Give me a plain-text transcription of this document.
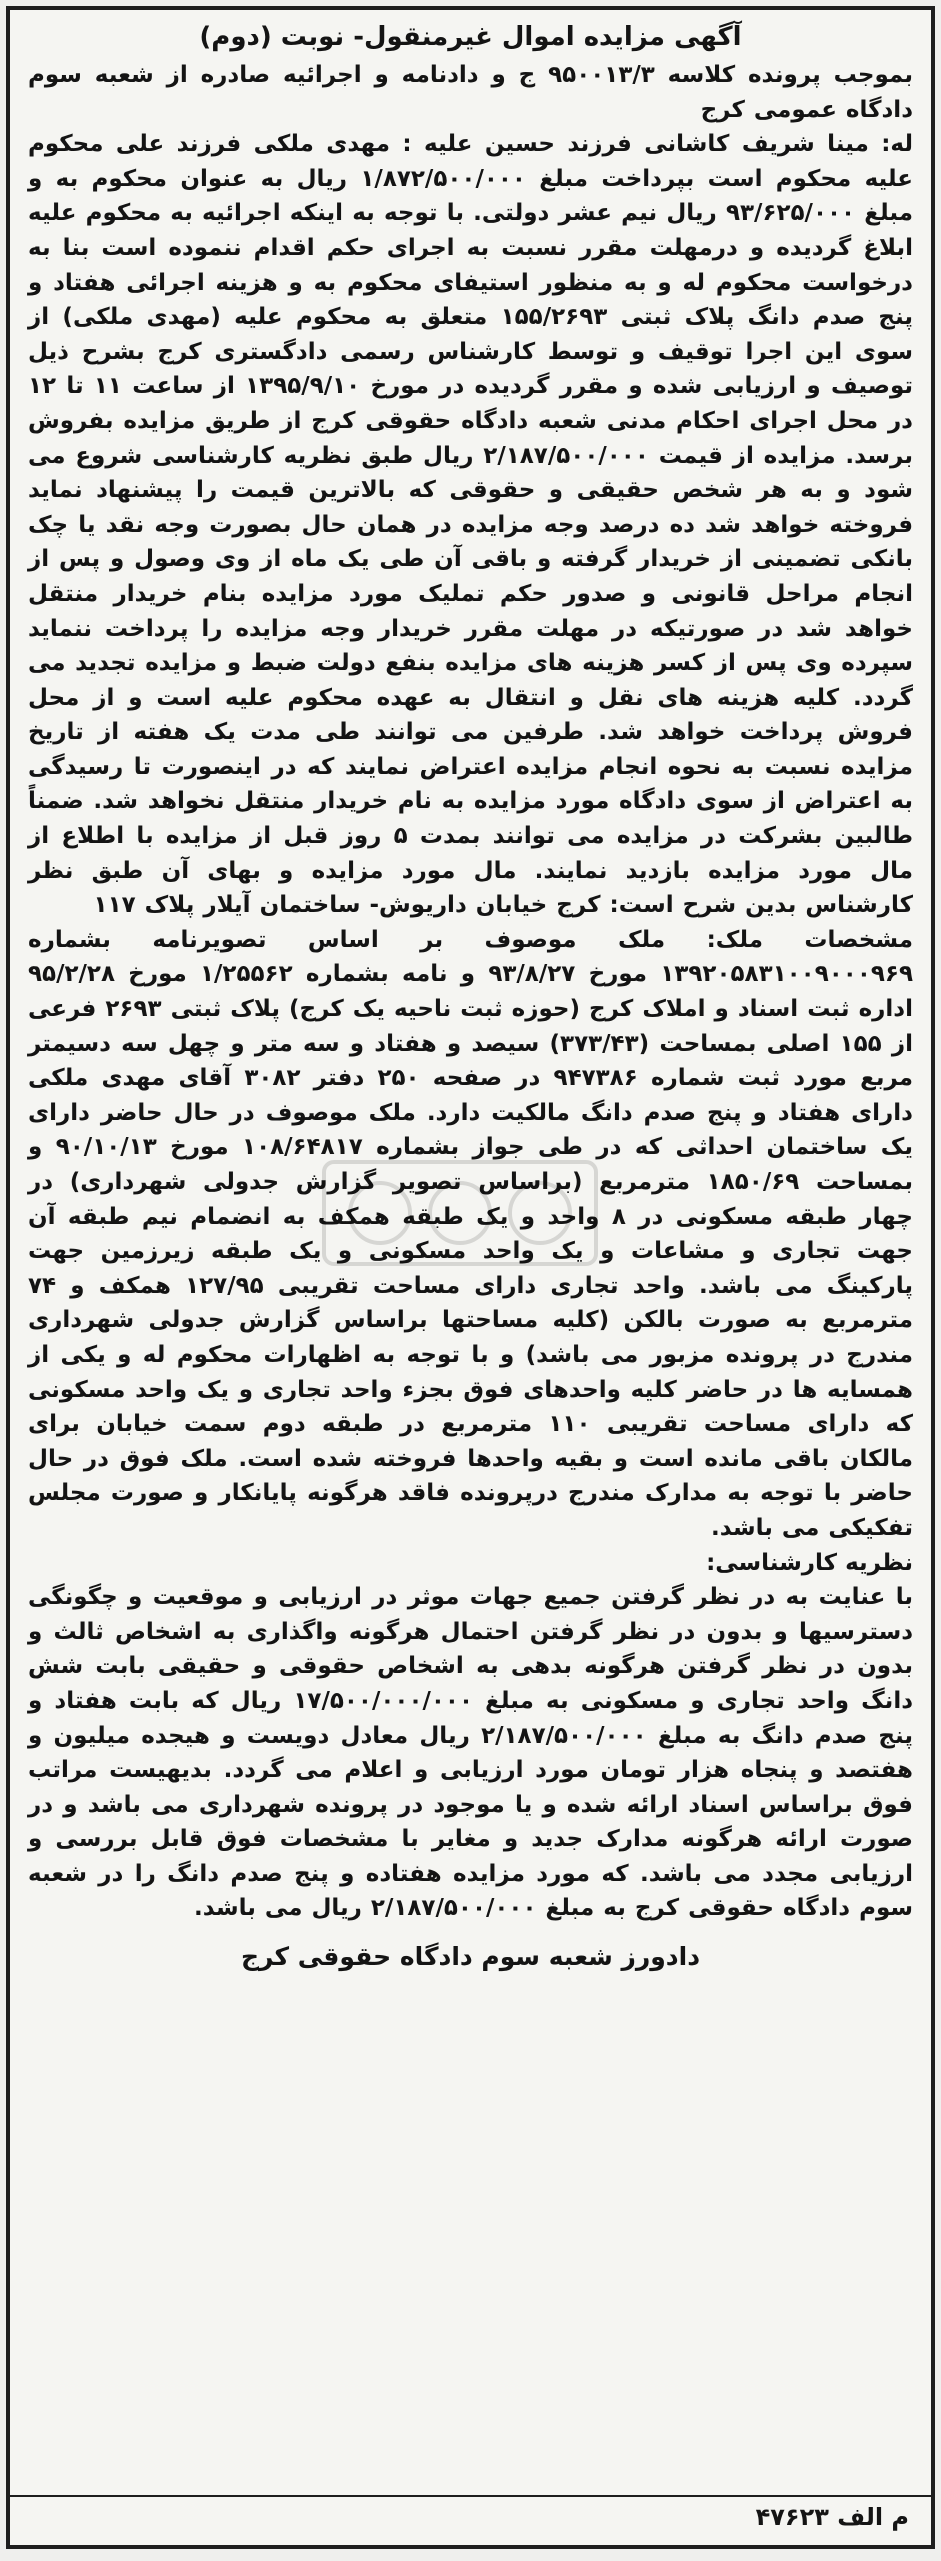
آگهی مزایده اموال غیرمنقول- نوبت (دوم)

بموجب پرونده کلاسه ۹۵۰۰۱۳/۳ ج و دادنامه و اجرائیه صادره از شعبه سوم دادگاه عمومی کرج

له: مینا شریف کاشانی فرزند حسین علیه : مهدی ملکی فرزند علی محکوم علیه محکوم است بپرداخت مبلغ ۱/۸۷۲/۵۰۰/۰۰۰ ریال به عنوان محکوم به و مبلغ ۹۳/۶۲۵/۰۰۰ ریال نیم عشر دولتی. با توجه به اینکه اجرائیه به محکوم علیه ابلاغ گردیده و درمهلت مقرر نسبت به اجرای حکم اقدام ننموده است بنا به درخواست محکوم له و به منظور استیفای محکوم به و هزینه اجرائی هفتاد و پنج صدم دانگ پلاک ثبتی ۱۵۵/۲۶۹۳ متعلق به محکوم علیه (مهدی ملکی) از سوی این اجرا توقیف و توسط کارشناس رسمی دادگستری کرج بشرح ذیل توصیف و ارزیابی شده و مقرر گردیده در مورخ ۱۳۹۵/۹/۱۰ از ساعت ۱۱ تا ۱۲ در محل اجرای احکام مدنی شعبه دادگاه حقوقی کرج از طریق مزایده بفروش برسد. مزایده از قیمت ۲/۱۸۷/۵۰۰/۰۰۰ ریال طبق نظریه کارشناسی شروع می شود و به هر شخص حقیقی و حقوقی که بالاترین قیمت را پیشنهاد نماید فروخته خواهد شد ده درصد وجه مزایده در همان حال بصورت وجه نقد یا چک بانکی تضمینی از خریدار گرفته و باقی آن طی یک ماه از وی وصول و پس از انجام مراحل قانونی و صدور حکم تملیک مورد مزایده بنام خریدار منتقل خواهد شد در صورتیکه در مهلت مقرر خریدار وجه مزایده را پرداخت ننماید سپرده وی پس از کسر هزینه های مزایده بنفع دولت ضبط و مزایده تجدید می گردد. کلیه هزینه های نقل و انتقال به عهده محکوم علیه است و از محل فروش پرداخت خواهد شد. طرفین می توانند طی مدت یک هفته از تاریخ مزایده نسبت به نحوه انجام مزایده اعتراض نمایند که در اینصورت تا رسیدگی به اعتراض از سوی دادگاه مورد مزایده به نام خریدار منتقل نخواهد شد. ضمناً طالبین بشرکت در مزایده می توانند بمدت ۵ روز قبل از مزایده با اطلاع از مال مورد مزایده بازدید نمایند. مال مورد مزایده و بهای آن طبق نظر کارشناس بدین شرح است: کرج خیابان داریوش- ساختمان آیلار پلاک ۱۱۷

مشخصات ملک: ملک موصوف بر اساس تصویرنامه بشماره ۱۳۹۲۰۵۸۳۱۰۰۹۰۰۰۹۶۹ مورخ ۹۳/۸/۲۷ و نامه بشماره ۱/۲۵۵۶۲ مورخ ۹۵/۲/۲۸ اداره ثبت اسناد و املاک کرج (حوزه ثبت ناحیه یک کرج) پلاک ثبتی ۲۶۹۳ فرعی از ۱۵۵ اصلی بمساحت (۳۷۳/۴۳) سیصد و هفتاد و سه متر و چهل سه دسیمتر مربع مورد ثبت شماره ۹۴۷۳۸۶ در صفحه ۲۵۰ دفتر ۳۰۸۲ آقای مهدی ملکی دارای هفتاد و پنج صدم دانگ مالکیت دارد. ملک موصوف در حال حاضر دارای یک ساختمان احداثی که در طی جواز بشماره ۱۰۸/۶۴۸۱۷ مورخ ۹۰/۱۰/۱۳ و بمساحت ۱۸۵۰/۶۹ مترمربع (براساس تصویر گزارش جدولی شهرداری) در چهار طبقه مسکونی در ۸ واحد و یک طبقه همکف به انضمام نیم طبقه آن جهت تجاری و مشاعات و یک واحد مسکونی و یک طبقه زیرزمین جهت پارکینگ می باشد. واحد تجاری دارای مساحت تقریبی ۱۲۷/۹۵ همکف و ۷۴ مترمربع به صورت بالکن (کلیه مساحتها براساس گزارش جدولی شهرداری مندرج در پرونده مزبور می باشد) و با توجه به اظهارات محکوم له و یکی از همسایه ها در حاضر کلیه واحدهای فوق بجزء واحد تجاری و یک واحد مسکونی که دارای مساحت تقریبی ۱۱۰ مترمربع در طبقه دوم سمت خیابان برای مالکان باقی مانده است و بقیه واحدها فروخته شده است. ملک فوق در حال حاضر با توجه به مدارک مندرج درپرونده فاقد هرگونه پایانکار و صورت مجلس تفکیکی می باشد.

نظریه کارشناسی:

با عنایت به در نظر گرفتن جمیع جهات موثر در ارزیابی و موقعیت و چگونگی دسترسیها و بدون در نظر گرفتن احتمال هرگونه واگذاری به اشخاص ثالث و بدون در نظر گرفتن هرگونه بدهی به اشخاص حقوقی و حقیقی بابت شش دانگ واحد تجاری و مسکونی به مبلغ ۱۷/۵۰۰/۰۰۰/۰۰۰ ریال که بابت هفتاد و پنج صدم دانگ به مبلغ ۲/۱۸۷/۵۰۰/۰۰۰ ریال معادل دویست و هیجده میلیون و هفتصد و پنجاه هزار تومان مورد ارزیابی و اعلام می گردد. بدیهیست مراتب فوق براساس اسناد ارائه شده و یا موجود در پرونده شهرداری می باشد و در صورت ارائه هرگونه مدارک جدید و مغایر با مشخصات فوق قابل بررسی و ارزیابی مجدد می باشد. که مورد مزایده هفتاده و پنج صدم دانگ را در شعبه سوم دادگاه حقوقی کرج به مبلغ ۲/۱۸۷/۵۰۰/۰۰۰ ریال می باشد.

دادورز شعبه سوم دادگاه حقوقی کرج
م الف ۴۷۶۲۳
